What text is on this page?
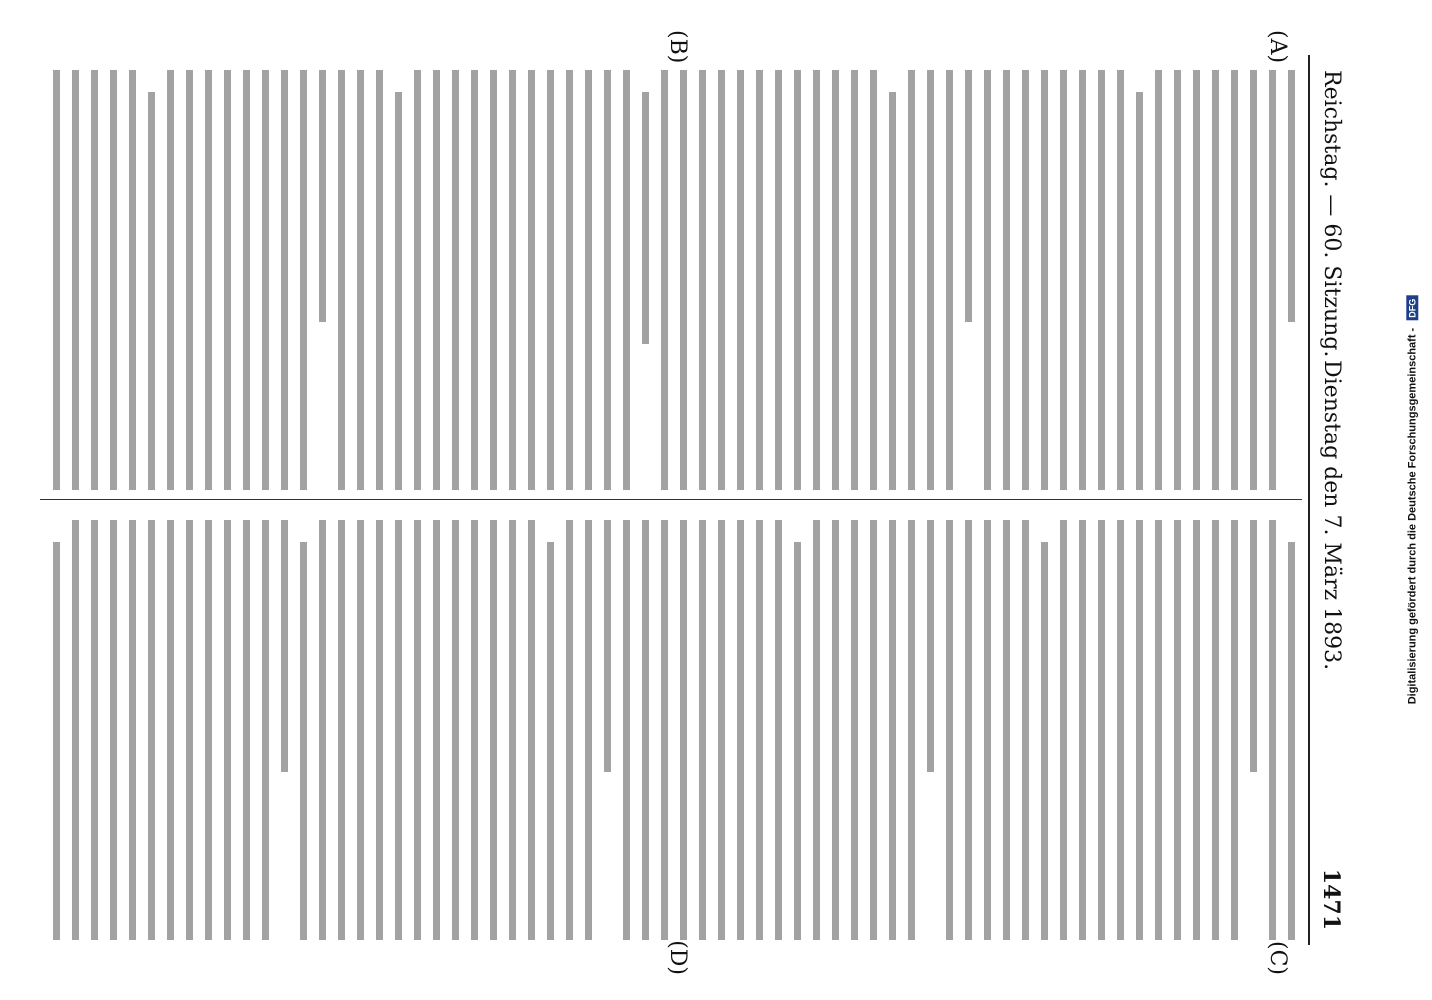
Reichstag. — 60. Sitzung.
Dienstag den 7. März 1893.
1471
(A)
(B)
(C)
(D)
Digitalisierung gefördert durch die Deutsche Forschungsgemeinschaft - DFG
